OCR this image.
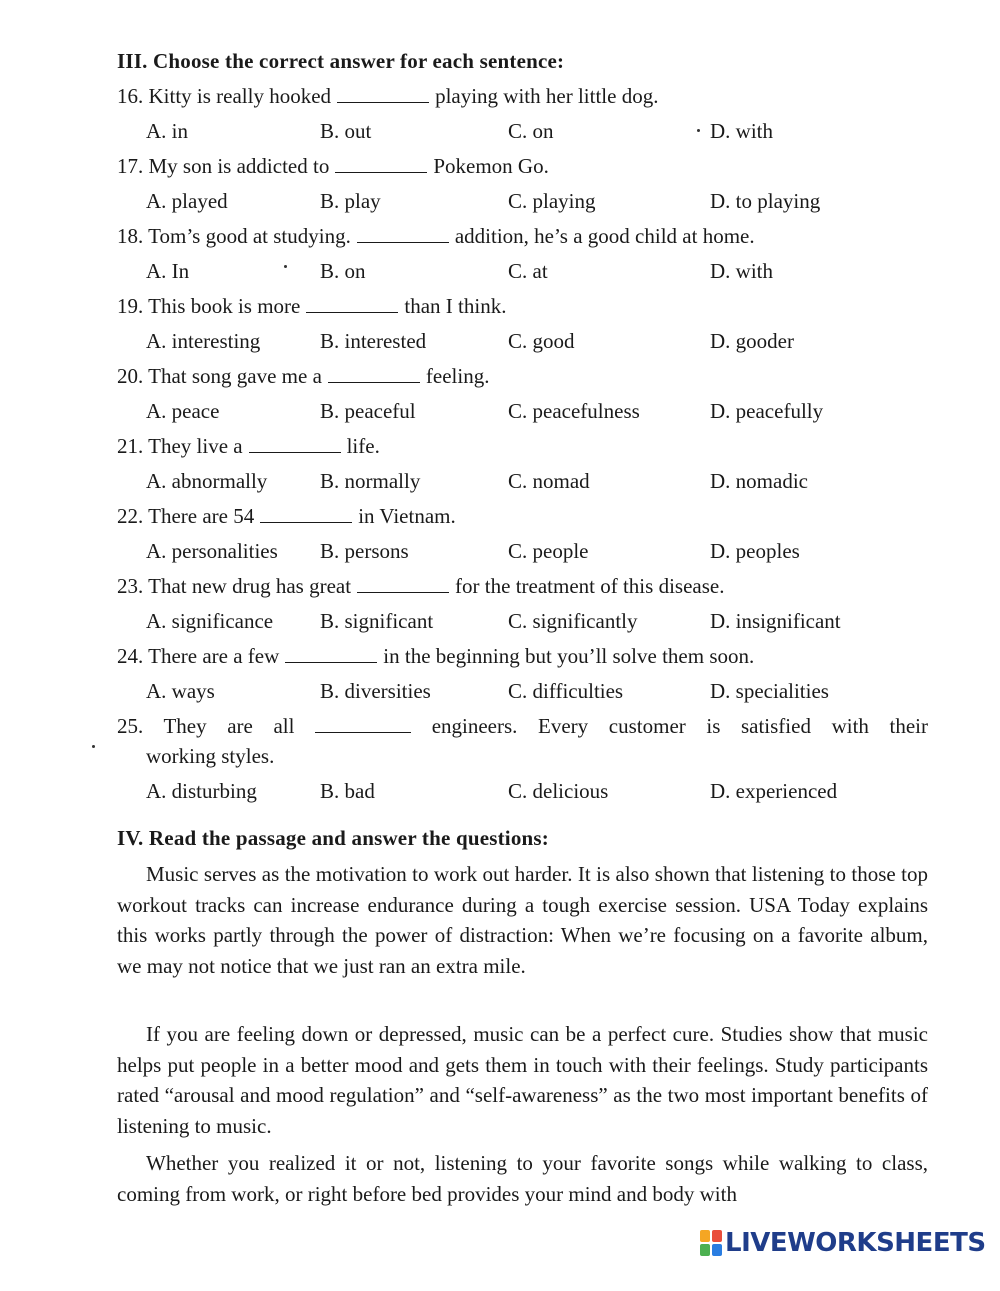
III. Choose the correct answer for each sentence:
16. Kitty is really hooked	playing with her little dog.
A. in	B. out	C. on	D. with
17. My son is addicted to	Pokemon Go.
A. played	B. play	C. playing	D. to playing
18. Tom’s good at studying.	addition, he’s a good child at home.
A. In	B. on	C. at	D. with
19. This book is more	than I think.
A. interesting	B. interested	C. good	D. gooder
20. That song gave me a	feeling.
A. peace	B. peaceful	C. peacefulness	D. peacefully
21. They live a	life.
A. abnormally	B. normally	C. nomad	D. nomadic
22. There are 54	in Vietnam.
A. personalities B. persons	C. people	D. peoples
23. That new drug has great	for the treatment of this disease.
A. significance B. significant	C. significantly	D. insignificant
24. There are a few	in the beginning but you’ll solve them soon.
A. ways	B. diversities	C. difficulties	D. specialities
25. They are all	engineers. Every customer is satisfied with their
working styles.
A. disturbing	B. bad	C. delicious	D. experienced
IV. Read the passage and answer the questions:
Music serves as the motivation to work out harder. It is also shown that listening to those top workout tracks can increase endurance during a tough exercise session. USA Today explains this works partly through the power of distraction: When we’re focusing on a favorite album, we may not notice that we just ran an extra mile.
If you are feeling down or depressed, music can be a perfect cure. Studies show that music helps put people in a better mood and gets them in touch with their feelings. Study participants rated “arousal and mood regulation” and “self-awareness” as the two most important benefits of listening to music.
Whether you realized it or not, listening to your favorite songs while walking to class, coming from work, or right before bed provides your mind and body with
LIVEWORKSHEETS
